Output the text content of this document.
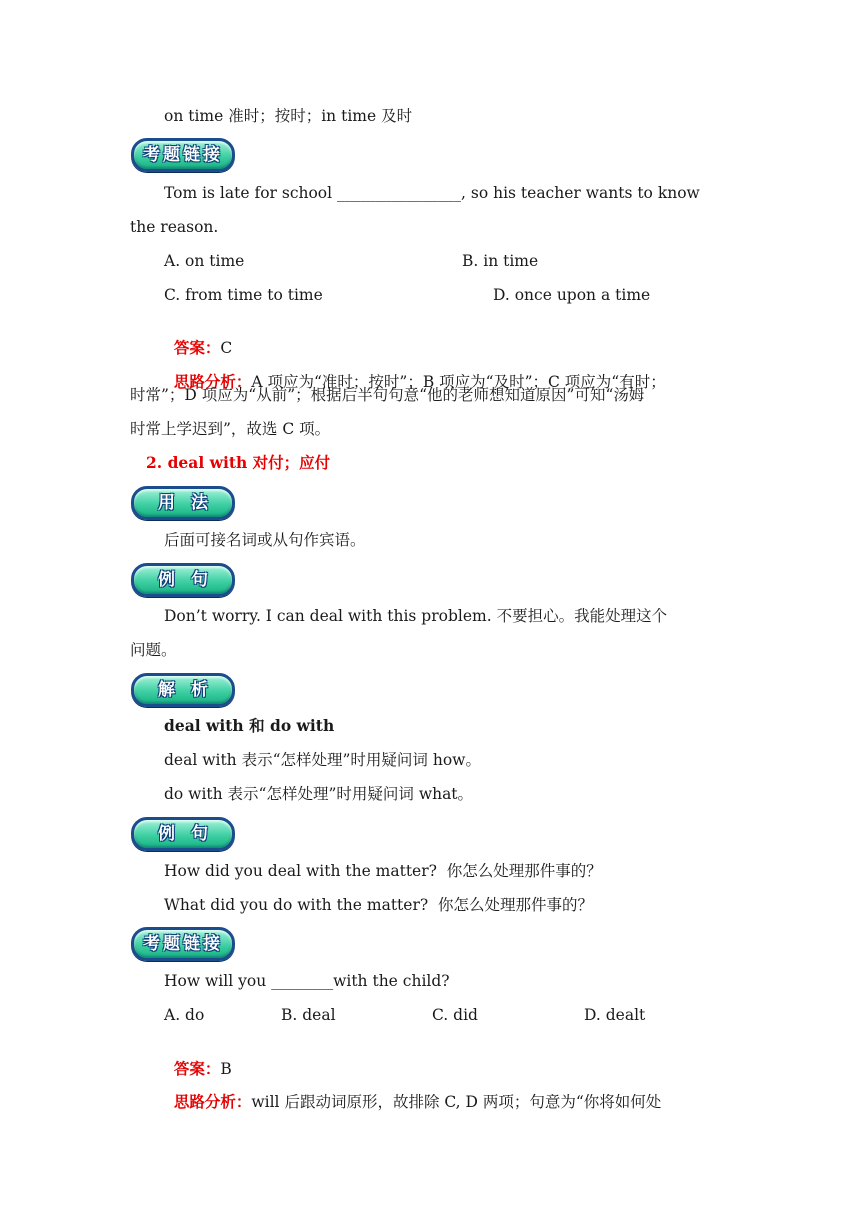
on time 准时；按时；in time 及时
考题链接
Tom is late for school ________________, so his teacher wants to know
the reason.
A. on time	B. in time
C. from time to time	D. once upon a time

答案：C

思路分析：A 项应为“准时；按时”；B 项应为“及时”；C 项应为“有时；

时常”；D 项应为“从前”；根据后半句句意“他的老师想知道原因”可知“汤姆
时常上学迟到”，故选 C 项。
2. deal with 对付；应付
用法
后面可接名词或从句作宾语。
例句
Don’t worry. I can deal with this problem. 不要担心。我能处理这个
问题。
解析
deal with 和 do with
deal with 表示“怎样处理”时用疑问词 how。
do with 表示“怎样处理”时用疑问词 what。
例句
How did you deal with the matter?  你怎么处理那件事的？
What did you do with the matter?  你怎么处理那件事的？
考题链接
How will you ________with the child?
A. do	B. deal	C. did	D. dealt

答案：B

思路分析：will 后跟动词原形，故排除 C, D 两项；句意为“你将如何处
